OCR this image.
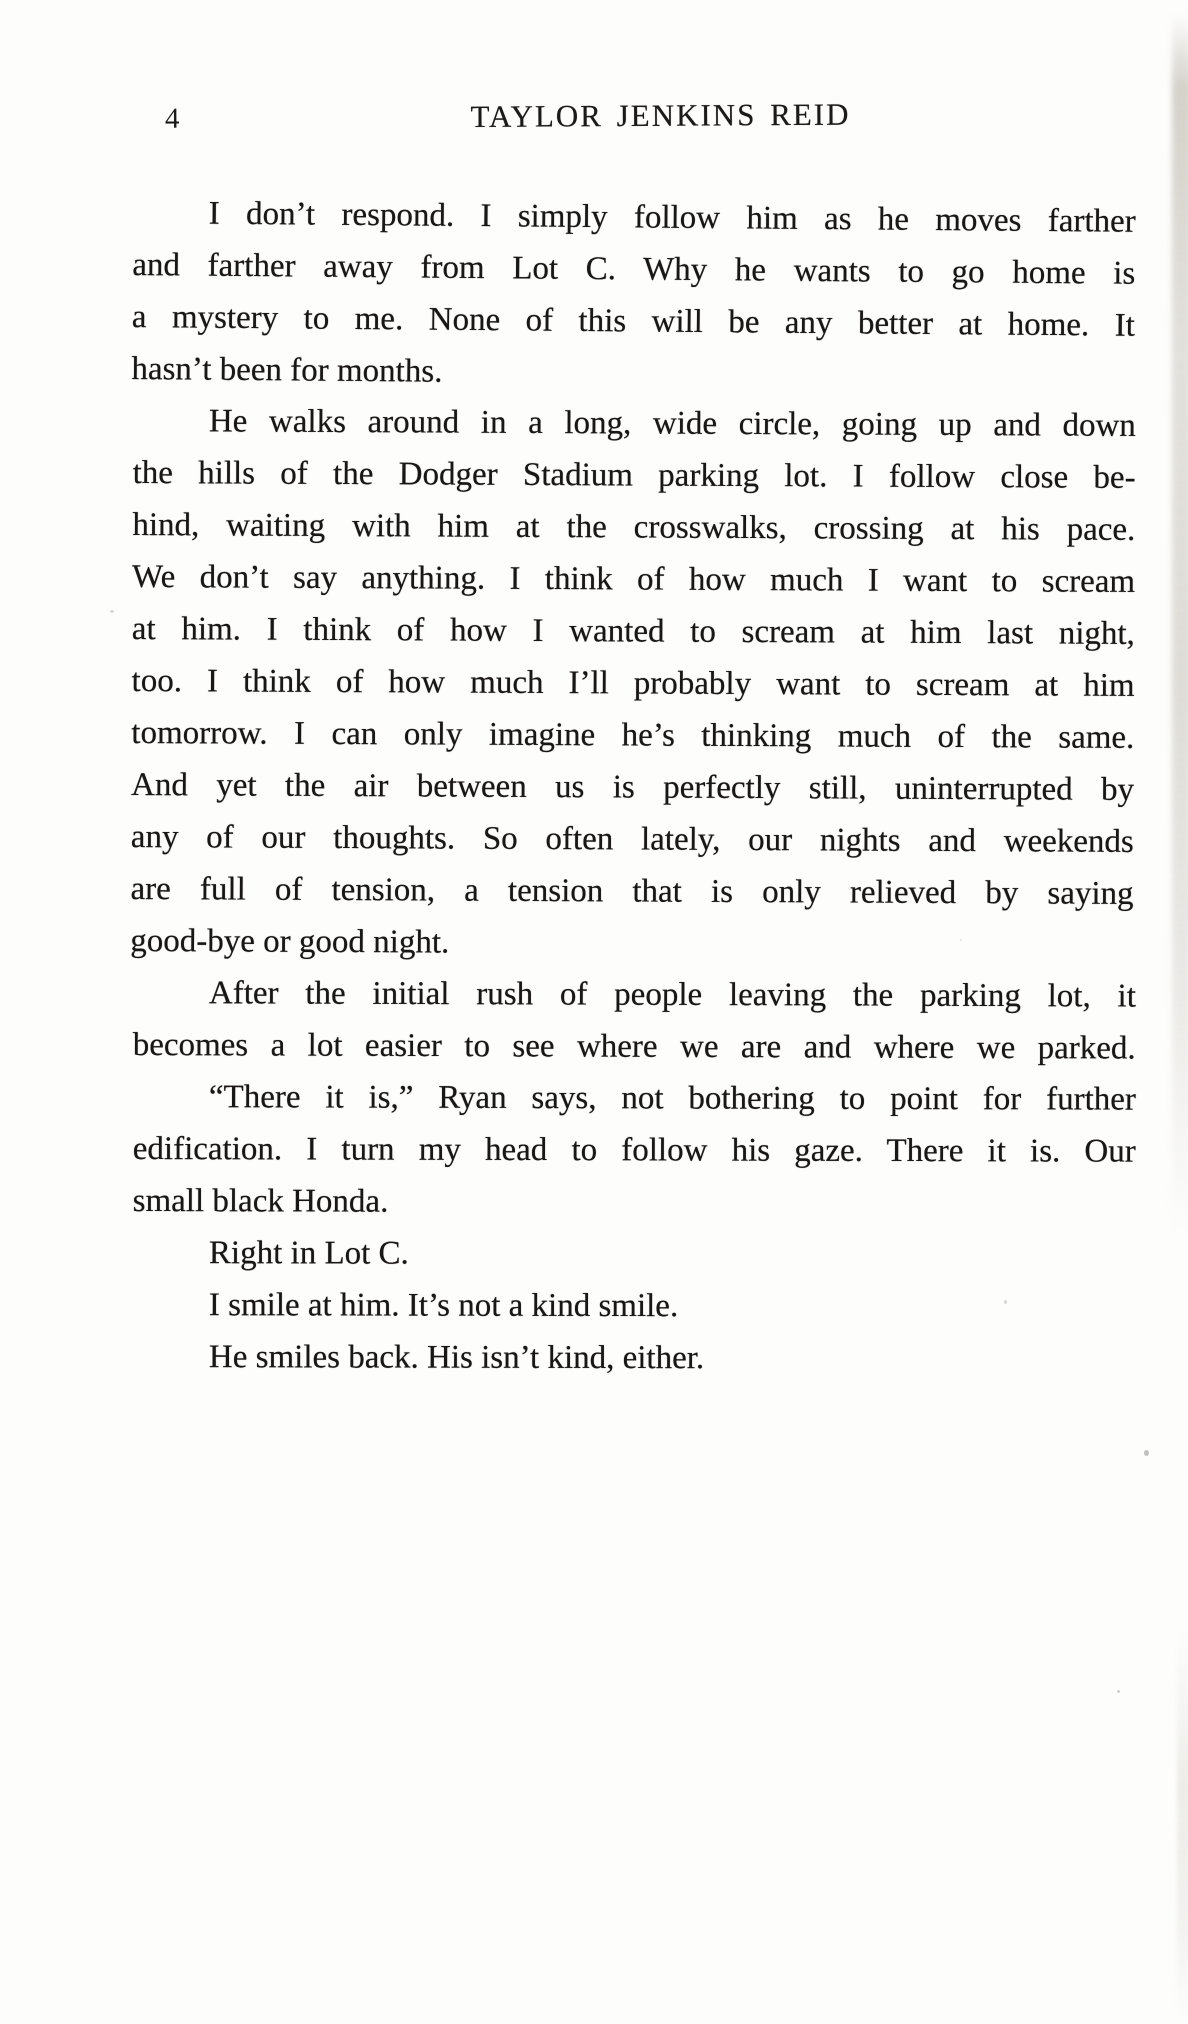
4	TAYLOR JENKINS REID
I don’t respond. I simply follow him as he moves farther
and farther away from Lot C. Why he wants to go home is
a mystery to me. None of this will be any better at home. It
hasn’t been for months.
He walks around in a long, wide circle, going up and down
the hills of the Dodger Stadium parking lot. I follow close be-
hind, waiting with him at the crosswalks, crossing at his pace.
We don’t say anything. I think of how much I want to scream
at him. I think of how I wanted to scream at him last night,
too. I think of how much I’ll probably want to scream at him
tomorrow. I can only imagine he’s thinking much of the same.
And yet the air between us is perfectly still, uninterrupted by
any of our thoughts. So often lately, our nights and weekends
are full of tension, a tension that is only relieved by saying
good-bye or good night.
After the initial rush of people leaving the parking lot, it
becomes a lot easier to see where we are and where we parked.
“There it is,” Ryan says, not bothering to point for further
edification. I turn my head to follow his gaze. There it is. Our
small black Honda.
Right in Lot C.
I smile at him. It’s not a kind smile.
He smiles back. His isn’t kind, either.
